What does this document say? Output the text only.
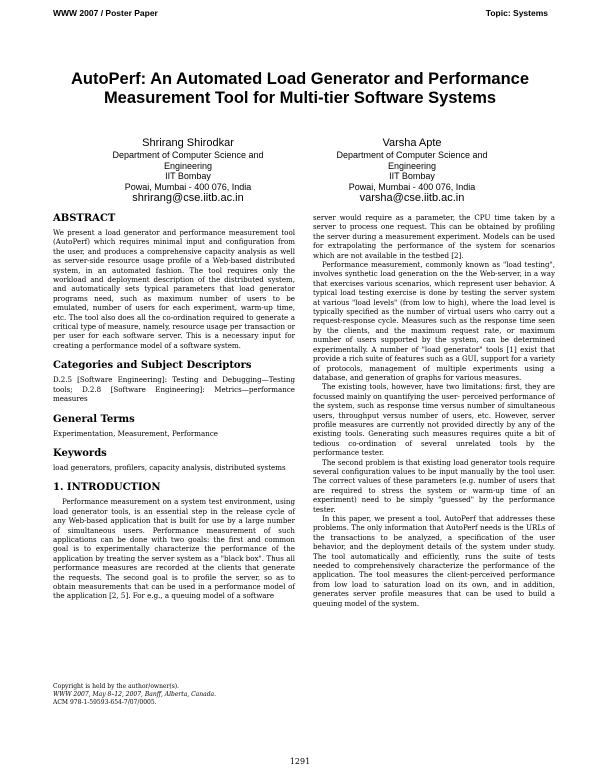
WWW 2007 / Poster Paper	Topic: Systems
AutoPerf: An Automated Load Generator and Performance
Measurement Tool for Multi-tier Software Systems
Shrirang Shirodkar
Department of Computer Science and
Engineering
IIT Bombay
Powai, Mumbai - 400 076, India
shrirang@cse.iitb.ac.in
Varsha Apte
Department of Computer Science and
Engineering
IIT Bombay
Powai, Mumbai - 400 076, India
varsha@cse.iitb.ac.in
ABSTRACT

We present a load generator and performance measurement tool (AutoPerf) which requires minimal input and configuration from the user, and produces a comprehensive capacity analysis as well as server-side resource usage profile of a Web-based distributed system, in an automated fashion. The tool requires only the workload and deployment description of the distributed system, and automatically sets typical parameters that load generator programs need, such as maximum number of users to be emulated, number of users for each experiment, warm-up time, etc. The tool also does all the co-ordination required to generate a critical type of measure, namely, resource usage per transaction or per user for each software server. This is a necessary input for creating a performance model of a software system.

Categories and Subject Descriptors

D.2.5 [Software Engineering]: Testing and Debugging—Testing tools; D.2.8 [Software Engineering]: Metrics—performance measures

General Terms

Experimentation, Measurement, Performance

Keywords

load generators, profilers, capacity analysis, distributed systems

1. INTRODUCTION

Performance measurement on a system test environment, using load generator tools, is an essential step in the release cycle of any Web-based application that is built for use by a large number of simultaneous users. Performance measurement of such applications can be done with two goals: the first and common goal is to experimentally characterize the performance of the application by treating the server system as a "black box". Thus all performance measures are recorded at the clients that generate the requests. The second goal is to profile the server, so as to obtain measurements that can be used in a performance model of the application [2, 5]. For e.g., a queuing model of a software

Copyright is held by the author/owner(s).
WWW 2007, May 8–12, 2007, Banff, Alberta, Canada.
ACM 978-1-59593-654-7/07/0005.

server would require as a parameter, the CPU time taken by a server to process one request. This can be obtained by profiling the server during a measurement experiment. Models can be used for extrapolating the performance of the system for scenarios which are not available in the testbed [2].

Performance measurement, commonly known as "load testing", involves synthetic load generation on the the Web-server, in a way that exercises various scenarios, which represent user behavior. A typical load testing exercise is done by testing the server system at various "load levels" (from low to high), where the load level is typically specified as the number of virtual users who carry out a request-response cycle. Measures such as the response time seen by the clients, and the maximum request rate, or maximum number of users supported by the system, can be determined experimentally. A number of "load generator" tools [1] exist that provide a rich suite of features such as a GUI, support for a variety of protocols, management of multiple experiments using a database, and generation of graphs for various measures.

The existing tools, however, have two limitations: first, they are focussed mainly on quantifying the user- perceived performance of the system, such as response time versus number of simultaneous users, throughput versus number of users, etc. However, server profile measures are currently not provided directly by any of the existing tools. Generating such measures requires quite a bit of tedious co-ordination of several unrelated tools by the performance tester.

The second problem is that existing load generator tools require several configuration values to be input manually by the tool user. The correct values of these parameters (e.g. number of users that are required to stress the system or warm-up time of an experiment) need to be simply "guessed" by the performance tester.

In this paper, we present a tool, AutoPerf that addresses these problems. The only information that AutoPerf needs is the URLs of the transactions to be analyzed, a specification of the user behavior, and the deployment details of the system under study. The tool automatically and efficiently, runs the suite of tests needed to comprehensively characterize the performance of the application. The tool measures the client-perceived performance from low load to saturation load on its own, and in addition, generates server profile measures that can be used to build a queuing model of the system.

1291
